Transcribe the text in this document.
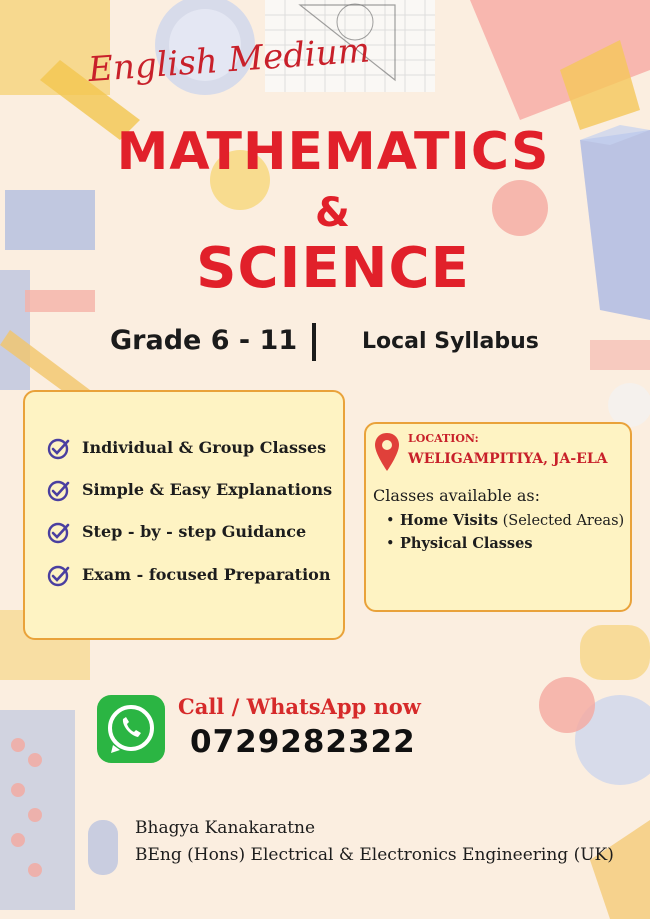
English Medium
MATHEMATICS
&
SCIENCE
Grade 6 - 11	Local Syllabus
Individual & Group Classes
Simple & Easy Explanations
Step - by - step Guidance
Exam - focused Preparation
LOCATION:
WELIGAMPITIYA, JA-ELA
Classes available as:
• Home Visits (Selected Areas)
• Physical Classes
Call / WhatsApp now
0729282322
Bhagya Kanakaratne
BEng (Hons) Electrical & Electronics Engineering (UK)
